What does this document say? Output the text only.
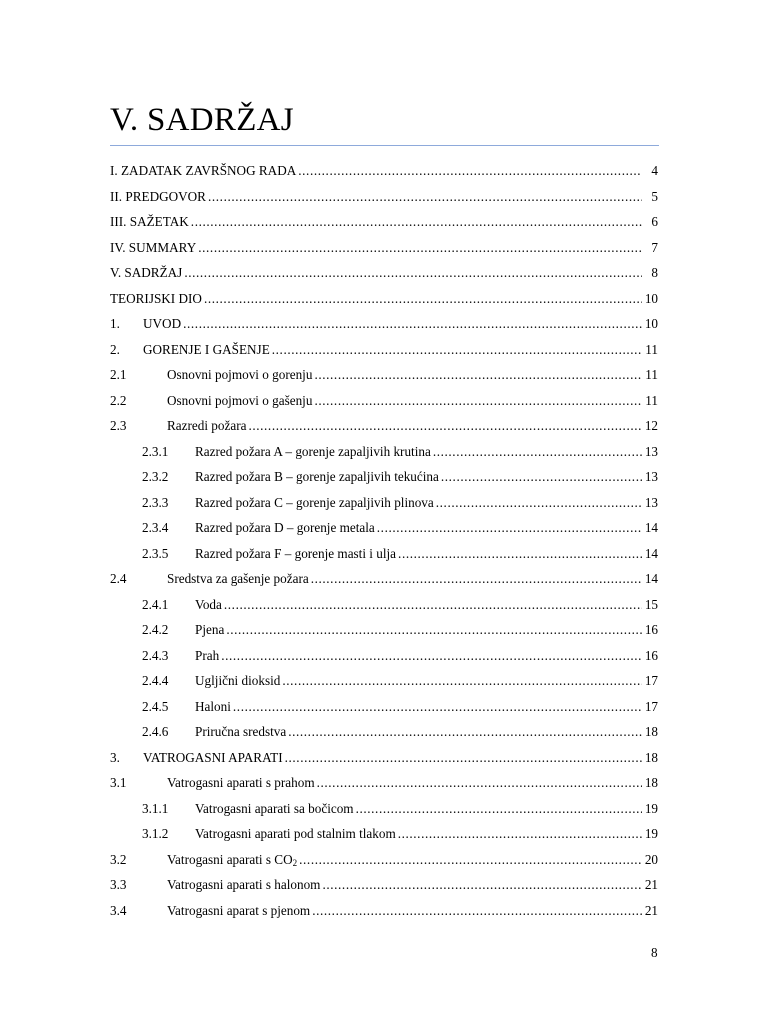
V. SADRŽAJ
I. ZADATAK ZAVRŠNOG RADA .....	4
II. PREDGOVOR .....	5
III. SAŽETAK .....	6
IV. SUMMARY .....	7
V. SADRŽAJ .....	8
TEORIJSKI DIO .....	10
1.	UVOD .....	10
2.	GORENJE I GAŠENJE .....	11
2.1	Osnovni pojmovi o gorenju .....	11
2.2	Osnovni pojmovi o gašenju .....	11
2.3	Razredi požara .....	12
2.3.1	Razred požara A – gorenje zapaljivih krutina .....	13
2.3.2	Razred požara B – gorenje zapaljivih tekućina .....	13
2.3.3	Razred požara C – gorenje zapaljivih plinova .....	13
2.3.4	Razred požara D – gorenje metala .....	14
2.3.5	Razred požara F – gorenje masti i ulja .....	14
2.4	Sredstva za gašenje požara .....	14
2.4.1	Voda .....	15
2.4.2	Pjena .....	16
2.4.3	Prah .....	16
2.4.4	Ugljični dioksid .....	17
2.4.5	Haloni .....	17
2.4.6	Priručna sredstva .....	18
3.	VATROGASNI APARATI .....	18
3.1	Vatrogasni aparati s prahom .....	18
3.1.1	Vatrogasni aparati sa bočicom .....	19
3.1.2	Vatrogasni aparati pod stalnim tlakom .....	19
3.2	Vatrogasni aparati s $CO_2$ .....	20
3.3	Vatrogasni aparati s halonom .....	21
3.4	Vatrogasni aparat s pjenom .....	21
8
